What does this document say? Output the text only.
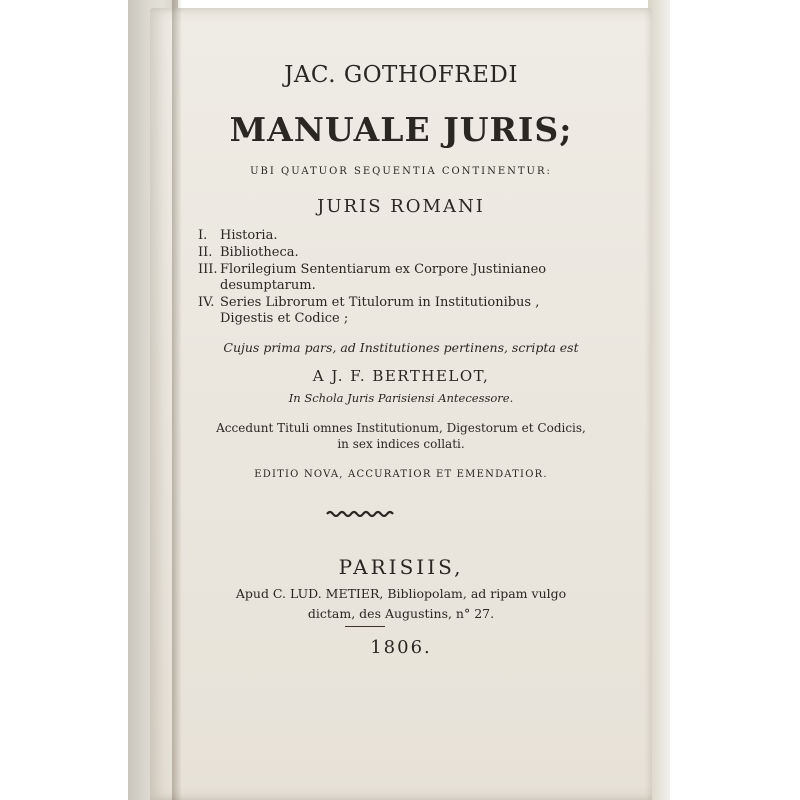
JAC. GOTHOFREDI
MANUALE JURIS;
UBI QUATUOR SEQUENTIA CONTINENTUR:
JURIS ROMANI
I. Historia.
II. Bibliotheca.
III. Florilegium Sententiarum ex Corpore Justinianeo
desumptarum.
IV. Series Librorum et Titulorum in Institutionibus ,
Digestis et Codice ;
Cujus prima pars, ad Institutiones pertinens, scripta est
A J. F. BERTHELOT,
In Schola Juris Parisiensi Antecessore.
Accedunt Tituli omnes Institutionum, Digestorum et Codicis,
in sex indices collati.
EDITIO NOVA, ACCURATIOR ET EMENDATIOR.
PARISIIS,
Apud C. LUD. METIER, Bibliopolam, ad ripam vulgo
dictam, des Augustins, n° 27.
1806.
